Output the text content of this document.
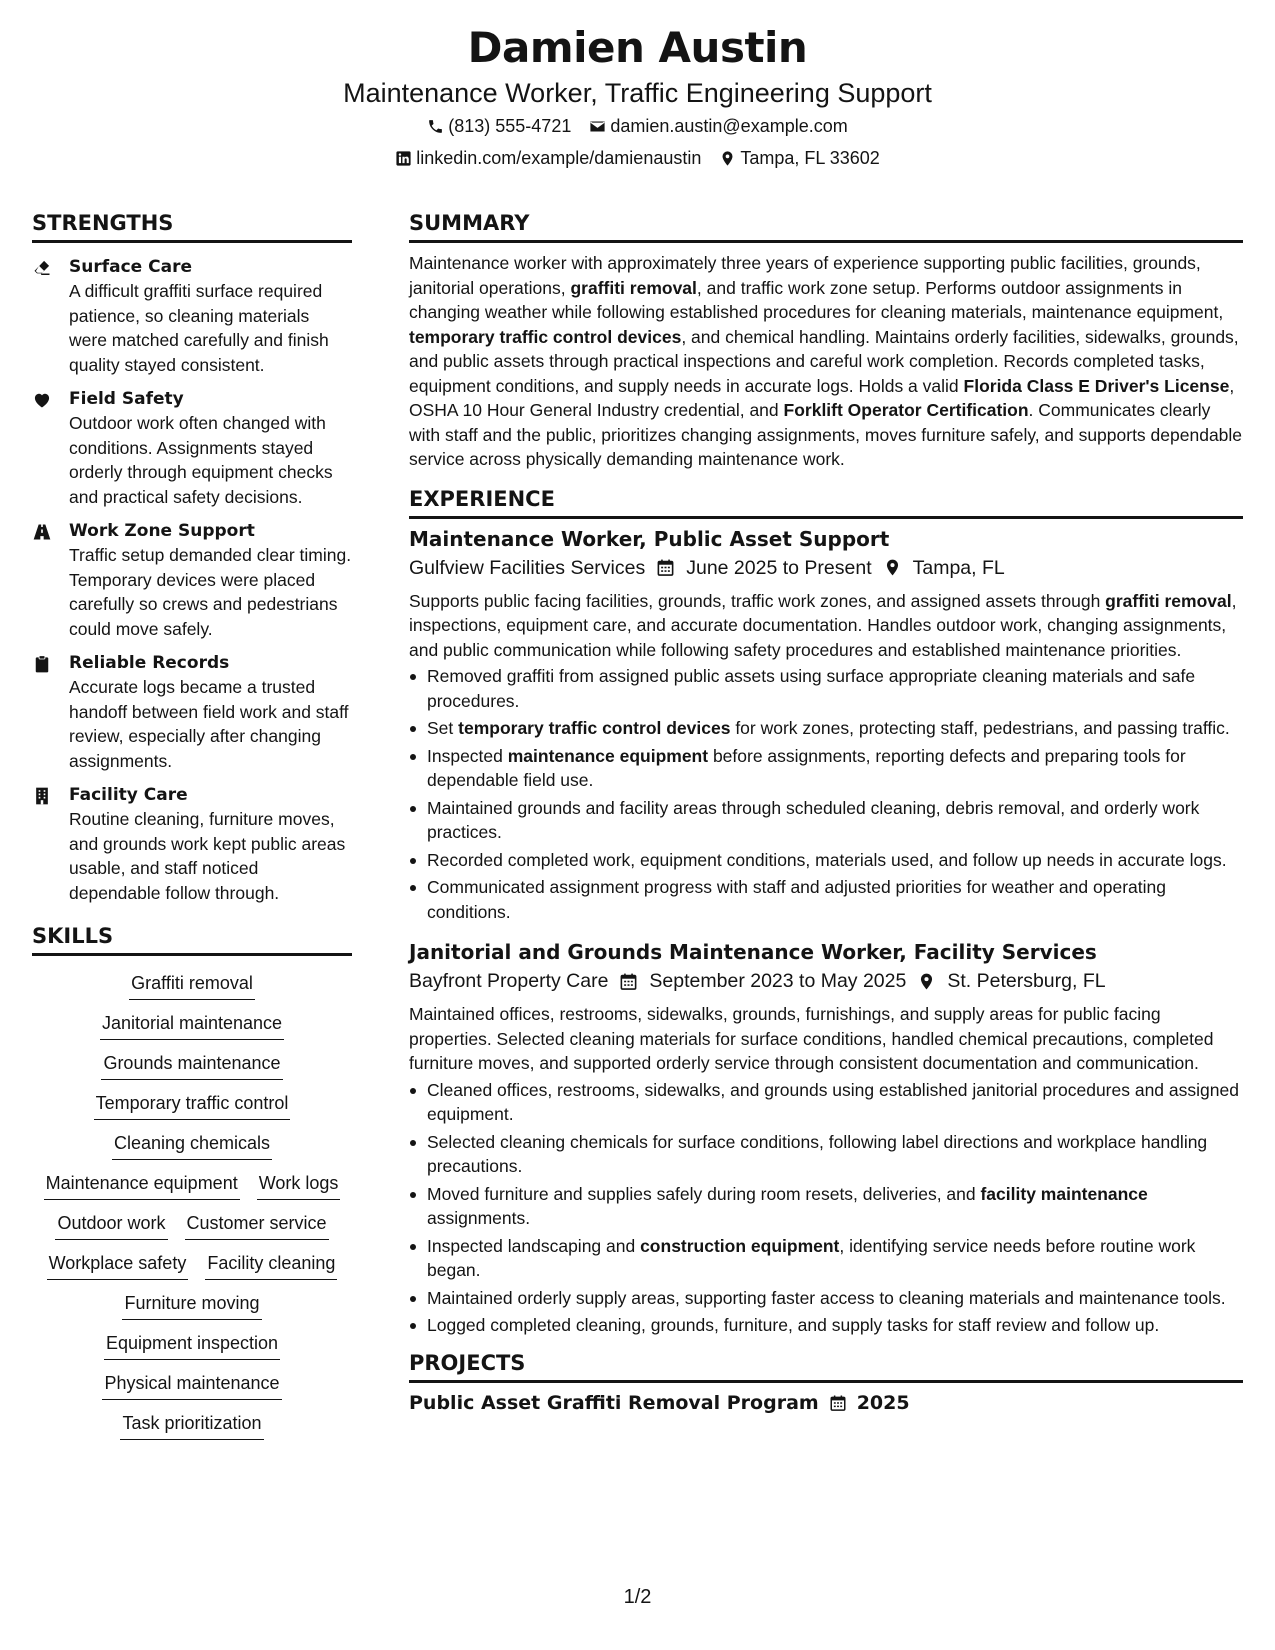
Damien Austin
Maintenance Worker, Traffic Engineering Support
(813) 555-4721 damien.austin@example.com
linkedin.com/example/damienaustin Tampa, FL 33602
STRENGTHS
Surface Care
A difficult graffiti surface required patience, so cleaning materials were matched carefully and finish quality stayed consistent.
Field Safety
Outdoor work often changed with conditions. Assignments stayed orderly through equipment checks and practical safety decisions.
Work Zone Support
Traffic setup demanded clear timing. Temporary devices were placed carefully so crews and pedestrians could move safely.
Reliable Records
Accurate logs became a trusted handoff between field work and staff review, especially after changing assignments.
Facility Care
Routine cleaning, furniture moves, and grounds work kept public areas usable, and staff noticed dependable follow through.
SKILLS
Graffiti removal
Janitorial maintenance
Grounds maintenance
Temporary traffic control
Cleaning chemicals
Maintenance equipment Work logs
Outdoor work Customer service
Workplace safety Facility cleaning
Furniture moving
Equipment inspection
Physical maintenance
Task prioritization
SUMMARY
Maintenance worker with approximately three years of experience supporting public facilities, grounds, janitorial operations, graffiti removal, and traffic work zone setup. Performs outdoor assignments in changing weather while following established procedures for cleaning materials, maintenance equipment, temporary traffic control devices, and chemical handling. Maintains orderly facilities, sidewalks, grounds, and public assets through practical inspections and careful work completion. Records completed tasks, equipment conditions, and supply needs in accurate logs. Holds a valid Florida Class E Driver's License, OSHA 10 Hour General Industry credential, and Forklift Operator Certification. Communicates clearly with staff and the public, prioritizes changing assignments, moves furniture safely, and supports dependable service across physically demanding maintenance work.
EXPERIENCE
Maintenance Worker, Public Asset Support
Gulfview Facilities Services June 2025 to Present Tampa, FL
Supports public facing facilities, grounds, traffic work zones, and assigned assets through graffiti removal, inspections, equipment care, and accurate documentation. Handles outdoor work, changing assignments, and public communication while following safety procedures and established maintenance priorities.
Removed graffiti from assigned public assets using surface appropriate cleaning materials and safe procedures.
Set temporary traffic control devices for work zones, protecting staff, pedestrians, and passing traffic.
Inspected maintenance equipment before assignments, reporting defects and preparing tools for dependable field use.
Maintained grounds and facility areas through scheduled cleaning, debris removal, and orderly work practices.
Recorded completed work, equipment conditions, materials used, and follow up needs in accurate logs.
Communicated assignment progress with staff and adjusted priorities for weather and operating conditions.
Janitorial and Grounds Maintenance Worker, Facility Services
Bayfront Property Care September 2023 to May 2025 St. Petersburg, FL
Maintained offices, restrooms, sidewalks, grounds, furnishings, and supply areas for public facing properties. Selected cleaning materials for surface conditions, handled chemical precautions, completed furniture moves, and supported orderly service through consistent documentation and communication.
Cleaned offices, restrooms, sidewalks, and grounds using established janitorial procedures and assigned equipment.
Selected cleaning chemicals for surface conditions, following label directions and workplace handling precautions.
Moved furniture and supplies safely during room resets, deliveries, and facility maintenance assignments.
Inspected landscaping and construction equipment, identifying service needs before routine work began.
Maintained orderly supply areas, supporting faster access to cleaning materials and maintenance tools.
Logged completed cleaning, grounds, furniture, and supply tasks for staff review and follow up.
PROJECTS
Public Asset Graffiti Removal Program 2025
1/2
